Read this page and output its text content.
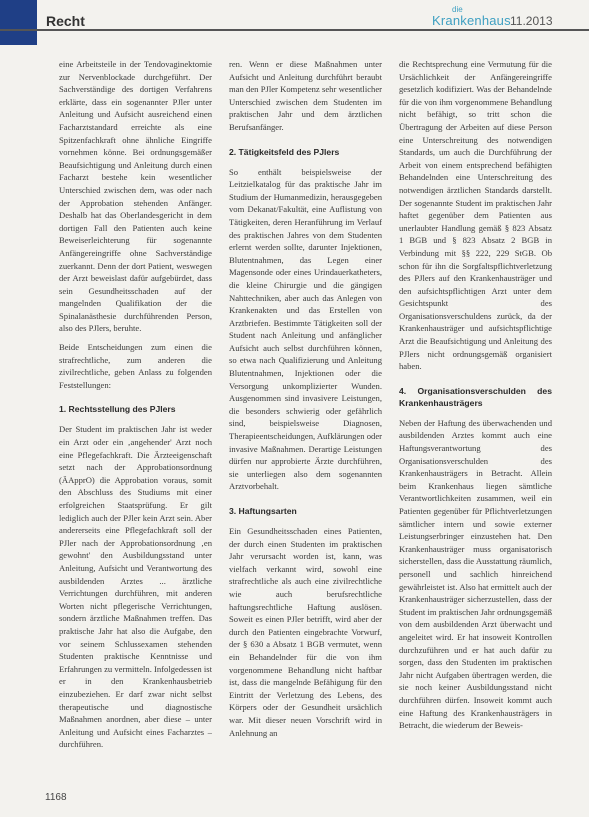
Recht
die
Krankenhaus 11.2013

eine Arbeitsteile in der Tendovaginektomie zur Nervenblockade durchgeführt. Der Sachverständige des dortigen Verfahrens erklärte, dass ein sogenannter PJler unter Anleitung und Aufsicht ausreichend einen Facharztstandard erreichte als eine Spitzenfachkraft ohne ähnliche Eingriffe vornehmen könne. Bei ordnungsgemäßer Beaufsichtigung und Anleitung durch einen Facharzt bestehe kein wesentlicher Unterschied zwischen dem, was oder nach der Approbation stehenden Anfänger. Deshalb hat das Oberlandesgericht in dem dortigen Fall den Patienten auch keine Beweiserleichterung für sogenannte Anfängereingriffe ohne Sachverständige zuerkannt. Denn der dort Patient, weswegen der Arzt beweislast dafür aufgebürdet, dass sein Gesundheitsschaden auf der mangelnden Qualifikation der die Spinalanästhesie durchführenden Person, also des PJlers, beruhte.

Beide Entscheidungen zum einen die strafrechtliche, zum anderen die zivilrechtliche, geben Anlass zu folgenden Feststellungen:

1. Rechtsstellung des PJlers

Der Student im praktischen Jahr ist weder ein Arzt oder ein ‚angehender' Arzt noch eine Pflegefachkraft. Die Ärzteeigenschaft setzt nach der Approbationsordnung (ÄApprO) die Approbation voraus, somit den Abschluss des Studiums mit einer erfolgreichen Staatsprüfung. Er gilt lediglich auch der PJler kein Arzt sein. Aber andererseits eine Pflegefachkraft soll der PJler nach der Approbationsordnung ‚en gewohnt' den Ausbildungsstand unter Anleitung, Aufsicht und Verantwortung des ausbildenden Arztes ... ärztliche Verrichtungen durchführen, mit anderen Worten nicht pflegerische Verrichtungen, sondern ärztliche Maßnahmen treffen. Das praktische Jahr hat also die Aufgabe, den vor seinem Schlussexamen stehenden Studenten praktische Kenntnisse und Erfahrungen zu vermitteln. Infolgedessen ist er in den Krankenhausbetrieb einzubeziehen. Er darf zwar nicht selbst therapeutische und diagnostische Maßnahmen anordnen, aber diese – unter Anleitung und Aufsicht eines Facharztes – durchführen.

ren. Wenn er diese Maßnahmen unter Aufsicht und Anleitung durchführt beraubt man den PJler Kompetenz sehr wesentlicher Unterschied zwischen dem Studenten im praktischen Jahr und dem ärztlichen Berufsanfänger.

2. Tätigkeitsfeld des PJlers

So enthält beispielsweise der Leitzielkatalog für das praktische Jahr im Studium der Humanmedizin, herausgegeben vom Dekanat/Fakultät, eine Auflistung von Tätigkeiten, deren Heranführung im Verlauf des praktischen Jahres von dem Studenten erlernt werden sollte, darunter Injektionen, Blutentnahmen, das Legen einer Magensonde oder eines Urindauerkatheters, die kleine Chirurgie und die gängigen Nahttechniken, aber auch das Anlegen von Krankenakten und das Erstellen von Arztbriefen. Bestimmte Tätigkeiten soll der Student nach Anleitung und anfänglicher Aufsicht auch selbst durchführen können, so etwa nach Qualifizierung und Anleitung Blutentnahmen, Injektionen oder die Versorgung unkomplizierter Wunden. Ausgenommen sind invasivere Leistungen, die besonders schwierig oder gefährlich sind, beispielsweise Diagnosen, Therapieentscheidungen, Aufklärungen oder invasive Maßnahmen. Derartige Leistungen dürfen nur approbierte Ärzte durchführen, sie unterliegen also dem sogenannten Arztvorbehalt.

3. Haftungsarten

Ein Gesundheitsschaden eines Patienten, der durch einen Studenten im praktischen Jahr verursacht worden ist, kann, was vielfach verkannt wird, sowohl eine strafrechtliche als auch eine zivilrechtliche wie auch berufsrechtliche haftungsrechtliche Haftung auslösen. Soweit es einen PJler betrifft, wird aber der durch den Patienten eingebrachte Vorwurf, der § 630 a Absatz 1 BGB vermutet, wenn ein Behandelnder für die von ihm vorgenommene Behandlung nicht haftbar ist, dass die mangelnde Befähigung für den Eintritt der Verletzung des Lebens, des Körpers oder der Gesundheit ursächlich war. Mit dieser neuen Vorschrift wird in Anlehnung an

die Rechtsprechung eine Vermutung für die Ursächlichkeit der Anfängereingriffe gesetzlich kodifiziert. Was der Behandelnde für die von ihm vorgenommene Behandlung nicht befähigt, so tritt schon die Übertragung der Arbeiten auf diese Person eine Unterschreitung des notwendigen Standards, um auch die Durchführung der Arbeit von einem entsprechend befähigten Behandelnden eine Unterschreitung des notwendigen ärztlichen Standards darstellt. Der sogenannte Student im praktischen Jahr haftet gegenüber dem Patienten aus unerlaubter Handlung gemäß § 823 Absatz 1 BGB und § 823 Absatz 2 BGB in Verbindung mit §§ 222, 229 StGB. Ob schon für ihn die Sorgfaltspflichtverletzung des PJlers auf den Krankenhausträger und den aufsichtspflichtigen Arzt unter dem Gesichtspunkt des Organisationsverschuldens zurück, da der Krankenhausträger und aufsichtspflichtige Arzt die Beaufsichtigung und Anleitung des PJlers nicht ordnungsgemäß organisiert haben.

4. Organisationsverschulden des Krankenhausträgers

Neben der Haftung des überwachenden und ausbildenden Arztes kommt auch eine Haftungsverantwortung des Organisationsverschulden des Krankenhausträgers in Betracht. Allein beim Krankenhaus liegen sämtliche Verantwortlichkeiten zusammen, weil ein Patienten gegenüber für Pflichtverletzungen sämtlicher intern und sowie externer Leistungserbringer einzustehen hat. Den Krankenhausträger muss organisatorisch sicherstellen, dass die Ausstattung räumlich, personell und sachlich hinreichend gewährleistet ist. Also hat ermittelt auch der Krankenhausträger sicherzustellen, dass der Student im praktischen Jahr ordnungsgemäß von dem ausbildenden Arzt überwacht und angeleitet wird. Er hat insoweit Kontrollen durchzuführen und er hat auch dafür zu sorgen, dass den Studenten im praktischen Jahr nicht Aufgaben übertragen werden, die sie noch keiner Ausbildungsstand nicht durchführen dürfen. Insoweit kommt auch eine Haftung des Krankenhausträgers in Betracht, die wiederum der Beweis-

1168
